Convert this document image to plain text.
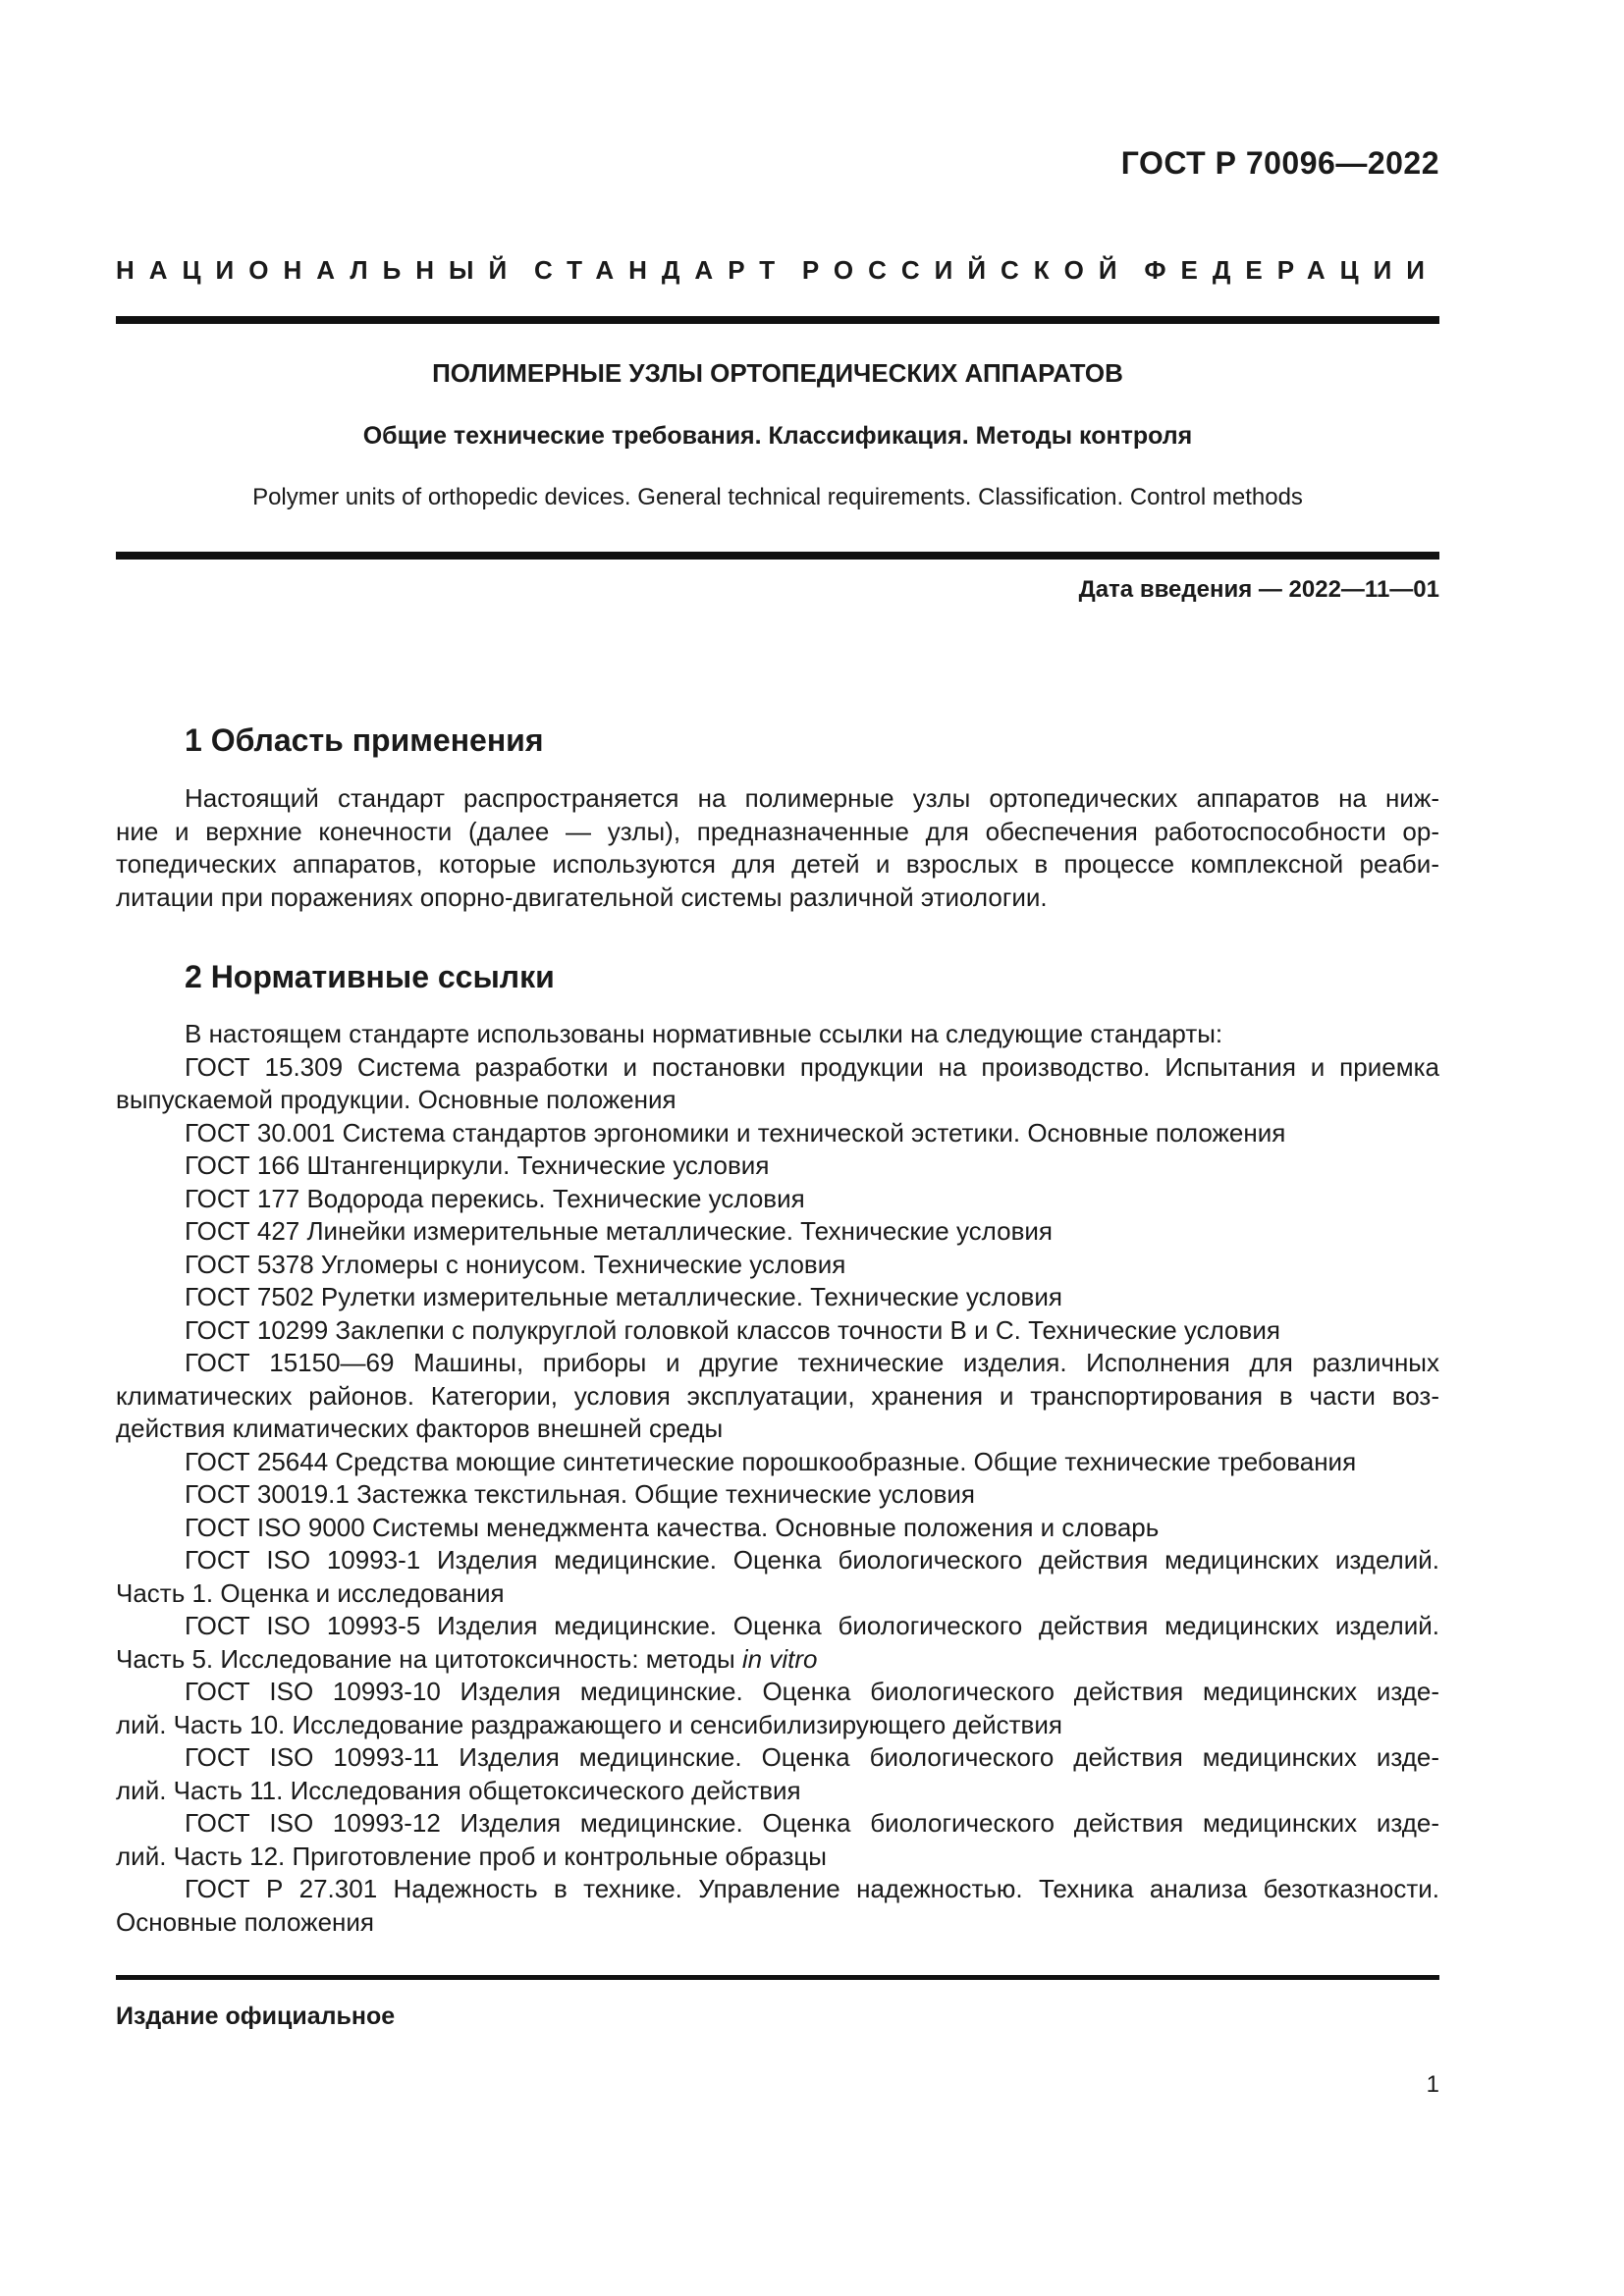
ГОСТ Р 70096—2022
НАЦИОНАЛЬНЫЙ СТАНДАРТ РОССИЙСКОЙ ФЕДЕРАЦИИ
ПОЛИМЕРНЫЕ УЗЛЫ ОРТОПЕДИЧЕСКИХ АППАРАТОВ
Общие технические требования. Классификация. Методы контроля
Polymer units of orthopedic devices. General technical requirements. Classification. Control methods
Дата введения — 2022—11—01
1 Область применения

Настоящий стандарт распространяется на полимерные узлы ортопедических аппаратов на ниж-

ние и верхние конечности (далее — узлы), предназначенные для обеспечения работоспособности ор-

топедических аппаратов, которые используются для детей и взрослых в процессе комплексной реаби-

литации при поражениях опорно-двигательной системы различной этиологии.

2 Нормативные ссылки

В настоящем стандарте использованы нормативные ссылки на следующие стандарты:

ГОСТ 15.309 Система разработки и постановки продукции на производство. Испытания и приемка

выпускаемой продукции. Основные положения

ГОСТ 30.001 Система стандартов эргономики и технической эстетики. Основные положения

ГОСТ 166 Штангенциркули. Технические условия

ГОСТ 177 Водорода перекись. Технические условия

ГОСТ 427 Линейки измерительные металлические. Технические условия

ГОСТ 5378 Угломеры с нониусом. Технические условия

ГОСТ 7502 Рулетки измерительные металлические. Технические условия

ГОСТ 10299 Заклепки с полукруглой головкой классов точности В и С. Технические условия

ГОСТ 15150—69 Машины, приборы и другие технические изделия. Исполнения для различных

климатических районов. Категории, условия эксплуатации, хранения и транспортирования в части воз-

действия климатических факторов внешней среды

ГОСТ 25644 Средства моющие синтетические порошкообразные. Общие технические требования

ГОСТ 30019.1 Застежка текстильная. Общие технические условия

ГОСТ ISO 9000 Системы менеджмента качества. Основные положения и словарь

ГОСТ ISO 10993-1 Изделия медицинские. Оценка биологического действия медицинских изделий.

Часть 1. Оценка и исследования

ГОСТ ISO 10993-5 Изделия медицинские. Оценка биологического действия медицинских изделий.

Часть 5. Исследование на цитотоксичность: методы in vitro

ГОСТ ISO 10993-10 Изделия медицинские. Оценка биологического действия медицинских изде-

лий. Часть 10. Исследование раздражающего и сенсибилизирующего действия

ГОСТ ISO 10993-11 Изделия медицинские. Оценка биологического действия медицинских изде-

лий. Часть 11. Исследования общетоксического действия

ГОСТ ISO 10993-12 Изделия медицинские. Оценка биологического действия медицинских изде-

лий. Часть 12. Приготовление проб и контрольные образцы

ГОСТ Р 27.301 Надежность в технике. Управление надежностью. Техника анализа безотказности.

Основные положения

Издание официальное
1
